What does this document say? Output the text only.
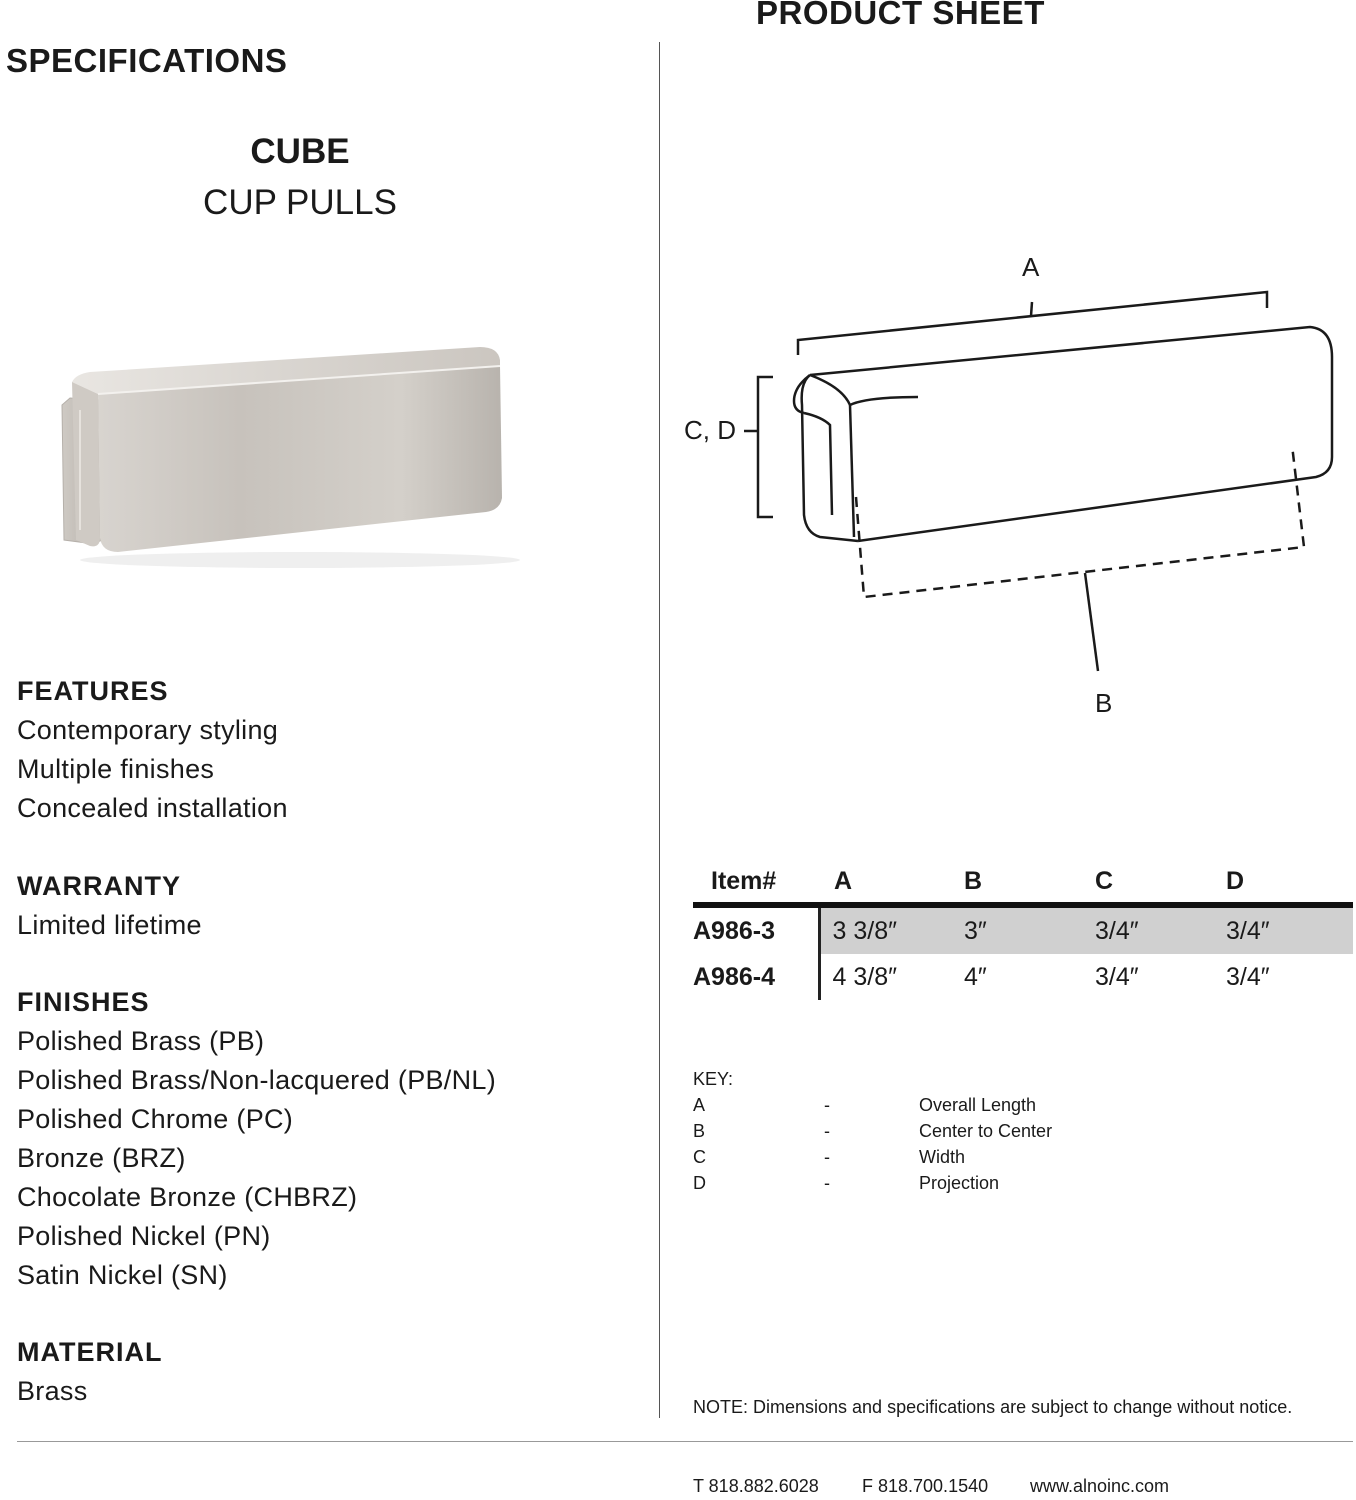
PRODUCT SHEET
SPECIFICATIONS
CUBE
CUP PULLS
FEATURES
Contemporary styling
Multiple finishes
Concealed installation
WARRANTY
Limited lifetime
FINISHES
Polished Brass (PB)
Polished Brass/Non-lacquered (PB/NL)
Polished Chrome (PC)
Bronze (BRZ)
Chocolate Bronze (CHBRZ)
Polished Nickel (PN)
Satin Nickel (SN)
MATERIAL
Brass
A
C, D
B
Item#	A	B	C	D
A986-3	3 3/8″	3″	3/4″	3/4″
A986-4	4 3/8″	4″	3/4″	3/4″
KEY:
A	-	Overall Length
B	-	Center to Center
C	-	Width
D	-	Projection
NOTE: Dimensions and specifications are subject to change without notice.
T 818.882.6028 F 818.700.1540 www.alnoinc.com
